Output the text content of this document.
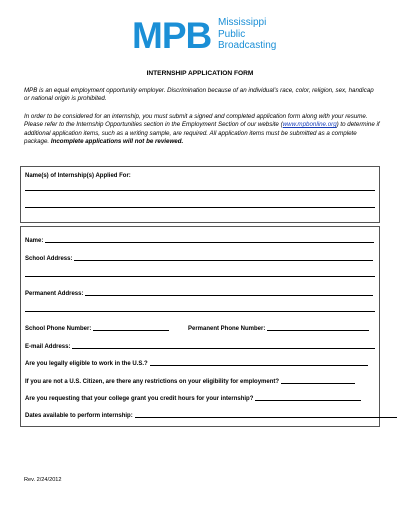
MPB Mississippi
Public
Broadcasting
INTERNSHIP APPLICATION FORM
MPB is an equal employment opportunity employer. Discrimination because of an individual's race, color, religion, sex, handicap or national origin is prohibited.
In order to be considered for an internship, you must submit a signed and completed application form along with your resume. Please refer to the Internship Opportunities section in the Employment Section of our website (www.mpbonline.org) to determine if additional application items, such as a writing sample, are required. All application items must be submitted as a complete package. Incomplete applications will not be reviewed.
Name(s) of Internship(s) Applied For:
Name:
School Address:
Permanent Address:
School Phone Number:	Permanent Phone Number:
E-mail Address:
Are you legally eligible to work in the U.S.?
If you are not a U.S. Citizen, are there any restrictions on your eligibility for employment?
Are you requesting that your college grant you credit hours for your internship?
Dates available to perform internship:
Rev. 2/24/2012
